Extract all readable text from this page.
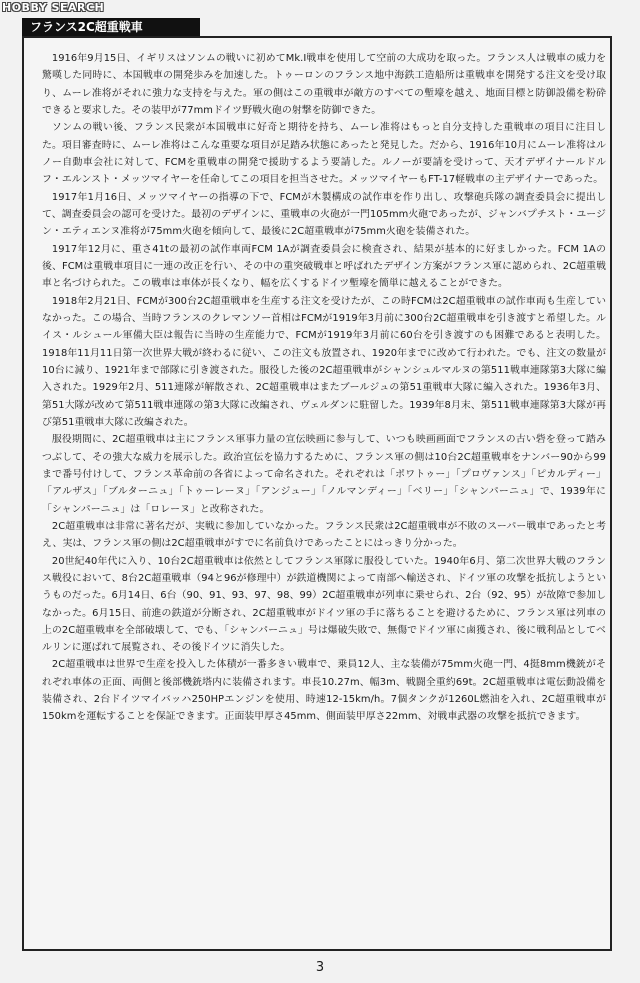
HOBBY SEARCH
フランス2C超重戦車

1916年9月15日、イギリスはソンムの戦いに初めてMk.Ⅰ戦車を使用して空前の大成功を取った。フランス人は戦車の威力を驚嘆した同時に、本国戦車の開発歩みを加速した。トゥーロンのフランス地中海鉄工造船所は重戦車を開発する注文を受け取り、ムーレ准将がそれに強力な支持を与えた。軍の側はこの重戦車が敵方のすべての塹壕を越え、地面目標と防御設備を粉砕できると要求した。その装甲が77mmドイツ野戦火砲の射撃を防御できた。

ソンムの戦い後、フランス民衆が本国戦車に好奇と期待を持ち、ムーレ准将はもっと自分支持した重戦車の項目に注目した。項目審査時に、ムーレ准将はこんな重要な項目が足踏み状態にあったと発見した。だから、1916年10月にムーレ准将はルノー自動車会社に対して、FCMを重戦車の開発で援助するよう要請した。ルノーが要請を受けって、天才デザイナールドルフ・エルンスト・メッツマイヤーを任命してこの項目を担当させた。メッツマイヤーもFT-17軽戦車の主デザイナーであった。

1917年1月16日、メッツマイヤーの指導の下で、FCMが木製構成の試作車を作り出し、攻撃砲兵隊の調査委員会に提出して、調査委員会の認可を受けた。最初のデザインに、重戦車の火砲が一門105mm火砲であったが、ジャンバプチスト・ユージン・エティエンヌ准将が75mm火砲を傾向して、最後に2C超重戦車が75mm火砲を装備された。

1917年12月に、重さ41tの最初の試作車両FCM 1Aが調査委員会に検査され、結果が基本的に好ましかった。FCM 1Aの後、FCMは重戦車項目に一連の改正を行い、その中の重突破戦車と呼ばれたデザイン方案がフランス軍に認められ、2C超重戦車と名づけられた。この戦車は車体が長くなり、幅を広くするドイツ塹壕を簡単に越えることができた。

1918年2月21日、FCMが300台2C超重戦車を生産する注文を受けたが、この時FCMは2C超重戦車の試作車両も生産していなかった。この場合、当時フランスのクレマンソー首相はFCMが1919年3月前に300台2C超重戦車を引き渡すと希望した。ルイス・ルシュール軍備大臣は報告に当時の生産能力で、FCMが1919年3月前に60台を引き渡すのも困難であると表明した。1918年11月11日第一次世界大戦が終わるに従い、この注文も放置され、1920年までに改めて行われた。でも、注文の数量が10台に減り、1921年まで部隊に引き渡された。服役した後の2C超重戦車がシャンシュルマルヌの第511戦車連隊第3大隊に編入された。1929年2月、511連隊が解散され、2C超重戦車はまたブールジュの第51重戦車大隊に編入された。1936年3月、第51大隊が改めて第511戦車連隊の第3大隊に改編され、ヴェルダンに駐留した。1939年8月末、第511戦車連隊第3大隊が再び第51重戦車大隊に改編された。

服役期間に、2C超重戦車は主にフランス軍事力量の宣伝映画に参与して、いつも映画画面でフランスの古い砦を登って踏みつぶして、その強大な威力を展示した。政治宣伝を協力するために、フランス軍の側は10台2C超重戦車をナンバー90から99まで番号付けして、フランス革命前の各省によって命名された。それぞれは「ポワトゥー」「プロヴァンス」「ピカルディー」「アルザス」「ブルターニュ」「トゥーレーヌ」「アンジュー」「ノルマンディー」「ベリー」「シャンパーニュ」で、1939年に「シャンパーニュ」は「ロレーヌ」と改称された。

2C超重戦車は非常に著名だが、実戦に参加していなかった。フランス民衆は2C超重戦車が不敗のスーパー戦車であったと考え、実は、フランス軍の側は2C超重戦車がすでに名前負けであったことにはっきり分かった。

20世紀40年代に入り、10台2C超重戦車は依然としてフランス軍隊に服役していた。1940年6月、第二次世界大戦のフランス戦役において、8台2C超重戦車（94と96が修理中）が鉄道機関によって南部へ輸送され、ドイツ軍の攻撃を抵抗しようというものだった。6月14日、6台（90、91、93、97、98、99）2C超重戦車が列車に乗せられ、2台（92、95）が故障で参加しなかった。6月15日、前進の鉄道が分断され、2C超重戦車がドイツ軍の手に落ちることを避けるために、フランス軍は列車の上の2C超重戦車を全部破壊して、でも、「シャンパーニュ」号は爆破失敗で、無傷でドイツ軍に鹵獲され、後に戦利品としてベルリンに運ばれて展覧され、その後ドイツに消失した。

2C超重戦車は世界で生産を投入した体積が一番多きい戦車で、乗員12人、主な装備が75mm火砲一門、4挺8mm機銃がそれぞれ車体の正面、両側と後部機銃塔内に装備されます。車長10.27m、幅3m、戦闘全重約69t。2C超重戦車は電伝動設備を装備され、2台ドイツマイバッハ250HPエンジンを使用、時速12-15km/h。7個タンクが1260L燃油を入れ、2C超重戦車が150kmを運転することを保証できます。正面装甲厚さ45mm、側面装甲厚さ22mm、対戦車武器の攻撃を抵抗できます。

3
